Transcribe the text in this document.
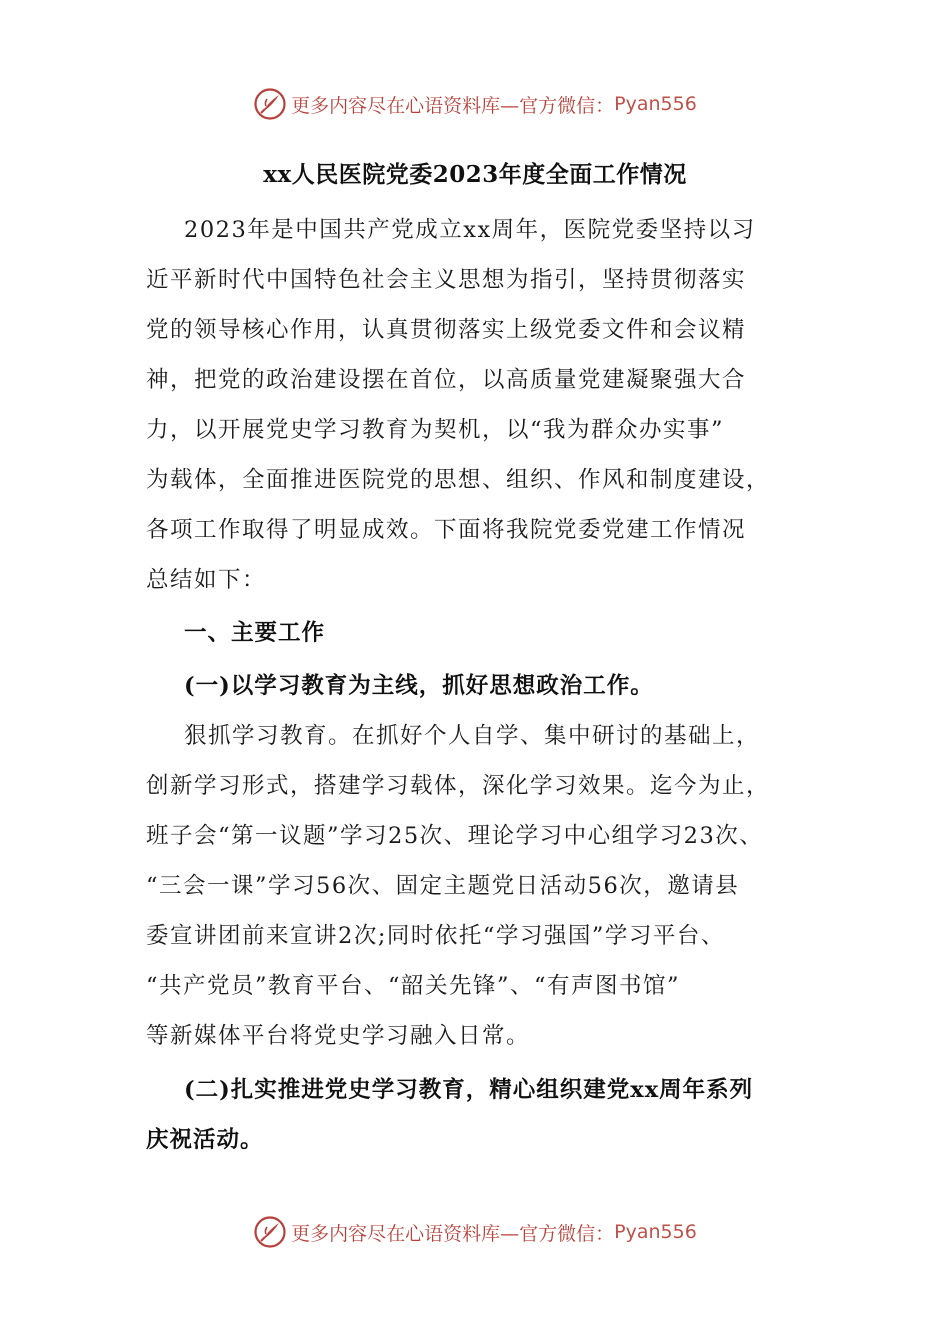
更多内容尽在心语资料库—官方微信： Pyan556
xx人民医院党委2023年度全面工作情况
2023年是中国共产党成立xx周年，医院党委坚持以习
近平新时代中国特色社会主义思想为指引，坚持贯彻落实
党的领导核心作用，认真贯彻落实上级党委文件和会议精
神，把党的政治建设摆在首位，以高质量党建凝聚强大合
力，以开展党史学习教育为契机，以“我为群众办实事”
为载体，全面推进医院党的思想、组织、作风和制度建设，
各项工作取得了明显成效。下面将我院党委党建工作情况
总结如下：
一、主要工作
(一)以学习教育为主线，抓好思想政治工作。
狠抓学习教育。在抓好个人自学、集中研讨的基础上，
创新学习形式，搭建学习载体，深化学习效果。迄今为止，
班子会“第一议题”学习25次、理论学习中心组学习23次、
“三会一课”学习56次、固定主题党日活动56次，邀请县
委宣讲团前来宣讲2次;同时依托“学习强国”学习平台、
“共产党员”教育平台、“韶关先锋”、“有声图书馆”
等新媒体平台将党史学习融入日常。
(二)扎实推进党史学习教育，精心组织建党xx周年系列
庆祝活动。
更多内容尽在心语资料库—官方微信： Pyan556
